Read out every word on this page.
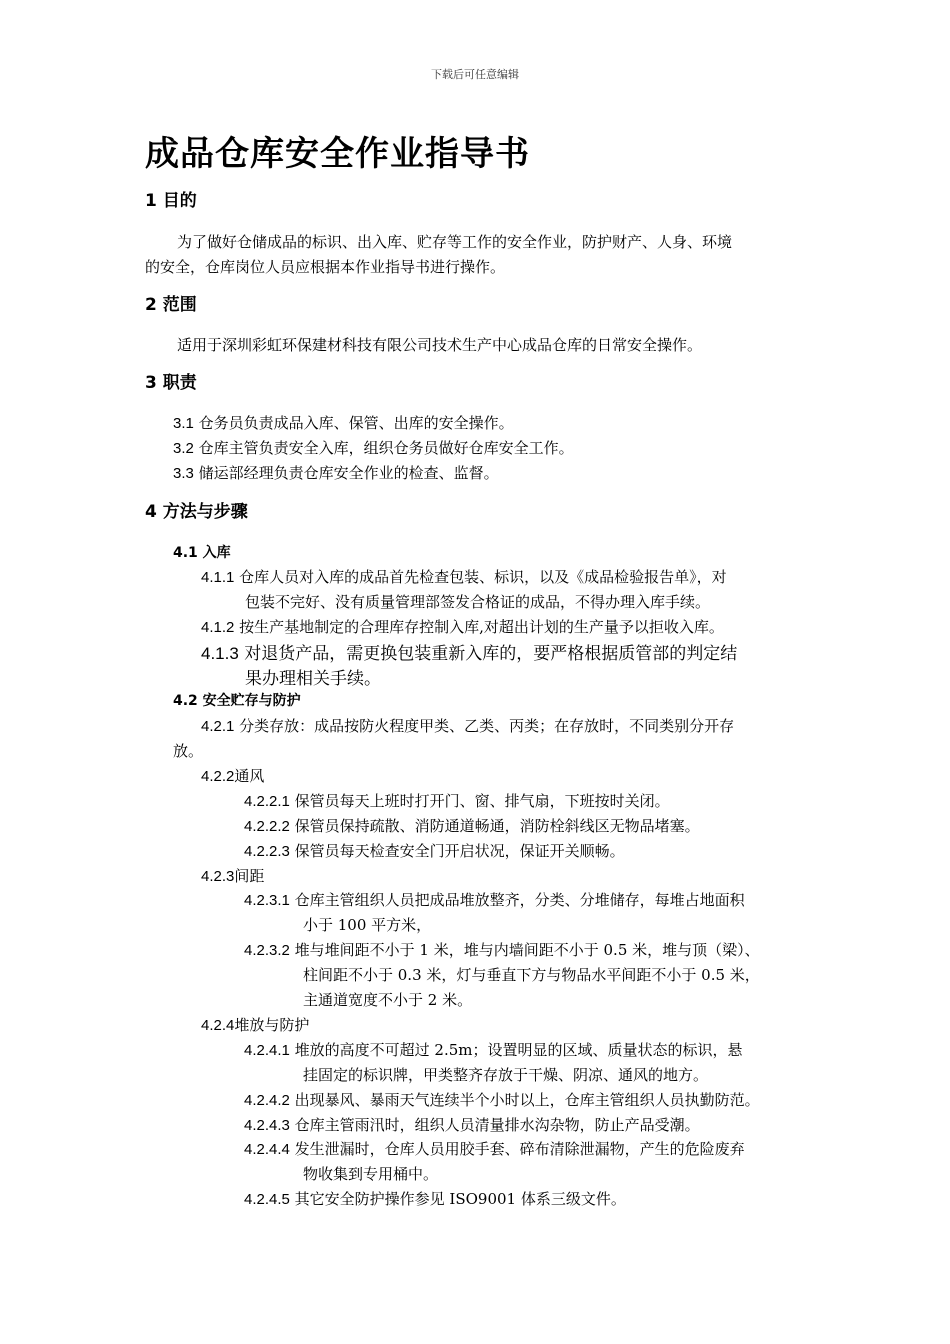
下载后可任意编辑
成品仓库安全作业指导书
1 目的
为了做好仓储成品的标识、出入库、贮存等工作的安全作业，防护财产、人身、环境
的安全，仓库岗位人员应根据本作业指导书进行操作。
2 范围
适用于深圳彩虹环保建材科技有限公司技术生产中心成品仓库的日常安全操作。
3 职责
3.1 仓务员负责成品入库、保管、出库的安全操作。
3.2 仓库主管负责安全入库，组织仓务员做好仓库安全工作。
3.3 储运部经理负责仓库安全作业的检查、监督。
4 方法与步骤
4.1 入库
4.1.1 仓库人员对入库的成品首先检查包装、标识，以及《成品检验报告单》，对
包装不完好、没有质量管理部签发合格证的成品，不得办理入库手续。
4.1.2 按生产基地制定的合理库存控制入库,对超出计划的生产量予以拒收入库。
4.1.3 对退货产品，需更换包装重新入库的，要严格根据质管部的判定结
果办理相关手续。
4.2 安全贮存与防护
4.2.1 分类存放：成品按防火程度甲类、乙类、丙类；在存放时，不同类别分开存
放。
4.2.2通风
4.2.2.1 保管员每天上班时打开门、窗、排气扇，下班按时关闭。
4.2.2.2 保管员保持疏散、消防通道畅通，消防栓斜线区无物品堵塞。
4.2.2.3 保管员每天检查安全门开启状况，保证开关顺畅。
4.2.3间距
4.2.3.1 仓库主管组织人员把成品堆放整齐，分类、分堆储存，每堆占地面积
小于 100 平方米，
4.2.3.2 堆与堆间距不小于 1 米，堆与内墙间距不小于 0.5 米，堆与顶（梁）、
柱间距不小于 0.3 米，灯与垂直下方与物品水平间距不小于 0.5 米，
主通道宽度不小于 2 米。
4.2.4堆放与防护
4.2.4.1 堆放的高度不可超过 2.5m；设置明显的区域、质量状态的标识，悬
挂固定的标识牌，甲类整齐存放于干燥、阴凉、通风的地方。
4.2.4.2 出现暴风、暴雨天气连续半个小时以上，仓库主管组织人员执勤防范。
4.2.4.3 仓库主管雨汛时，组织人员清量排水沟杂物，防止产品受潮。
4.2.4.4 发生泄漏时，仓库人员用胶手套、碎布清除泄漏物，产生的危险废弃
物收集到专用桶中。
4.2.4.5 其它安全防护操作参见 ISO9001 体系三级文件。
